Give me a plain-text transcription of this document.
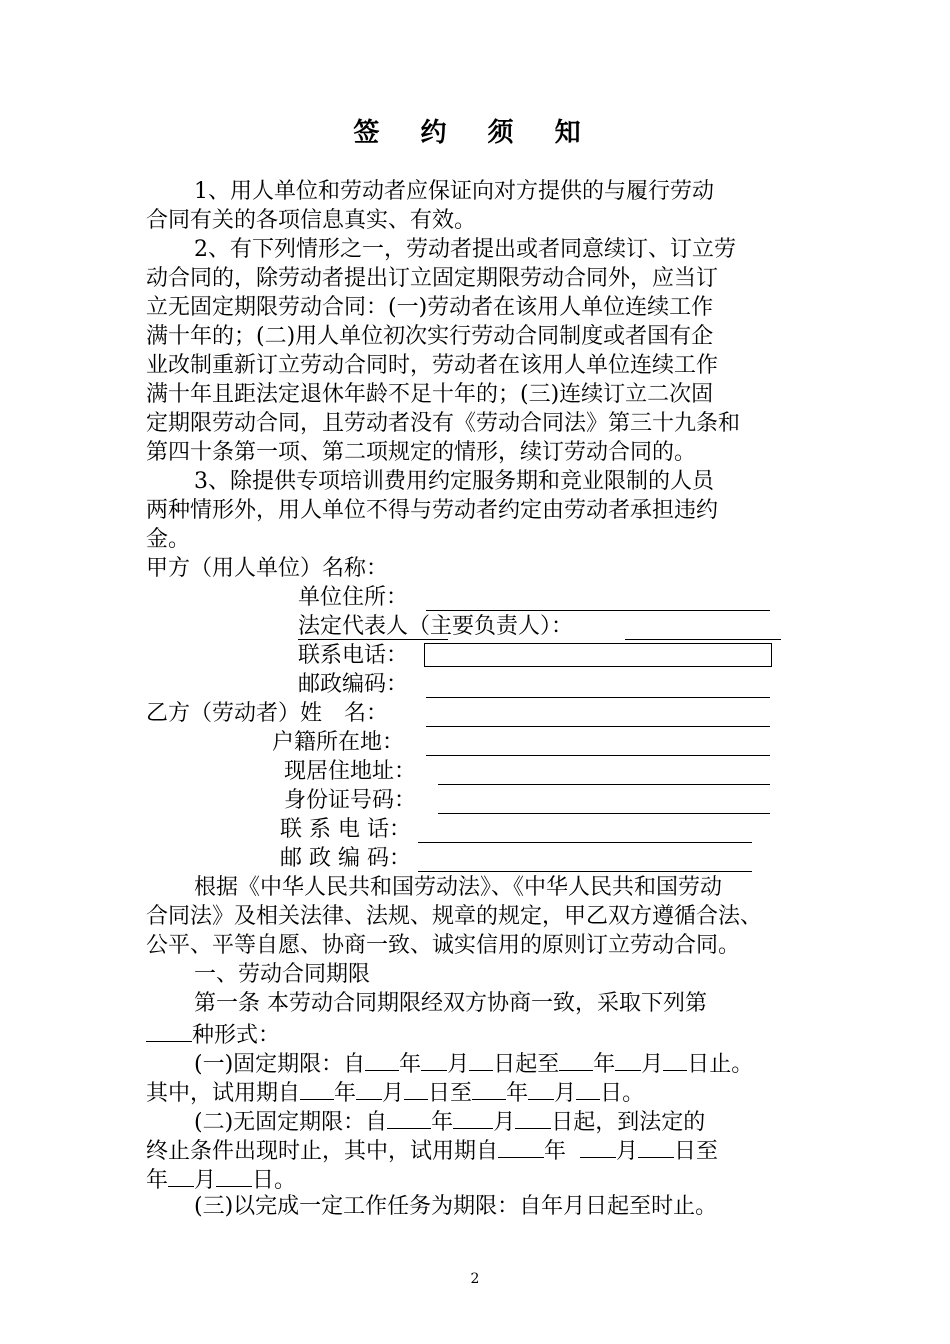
签 约 须 知
1、用人单位和劳动者应保证向对方提供的与履行劳动
合同有关的各项信息真实、有效。
2、有下列情形之一，劳动者提出或者同意续订、订立劳
动合同的，除劳动者提出订立固定期限劳动合同外，应当订
立无固定期限劳动合同：(一)劳动者在该用人单位连续工作
满十年的；(二)用人单位初次实行劳动合同制度或者国有企
业改制重新订立劳动合同时，劳动者在该用人单位连续工作
满十年且距法定退休年龄不足十年的；(三)连续订立二次固
定期限劳动合同，且劳动者没有《劳动合同法》第三十九条和
第四十条第一项、第二项规定的情形，续订劳动合同的。
3、除提供专项培训费用约定服务期和竞业限制的人员
两种情形外，用人单位不得与劳动者约定由劳动者承担违约
金。
甲方（用人单位）名称：
单位住所：
法定代表人（主要负责人）：
联系电话：
邮政编码：
乙方（劳动者）姓　名：
户籍所在地：
现居住地址：
身份证号码：
联 系 电 话：
邮 政 编 码：
根据《中华人民共和国劳动法》、《中华人民共和国劳动
合同法》及相关法律、法规、规章的规定，甲乙双方遵循合法、
公平、平等自愿、协商一致、诚实信用的原则订立劳动合同。
一、劳动合同期限
第一条 本劳动合同期限经双方协商一致，采取下列第
种形式：
(一)固定期限：自 年 月 日起至 年 月 日止。
其中，试用期自 年 月 日至 年 月 日。
(二)无固定期限：自 年 月 日起，到法定的
终止条件出现时止，其中，试用期自 年 月 日至
年 月 日。
(三)以完成一定工作任务为期限：自年月日起至时止。
2
